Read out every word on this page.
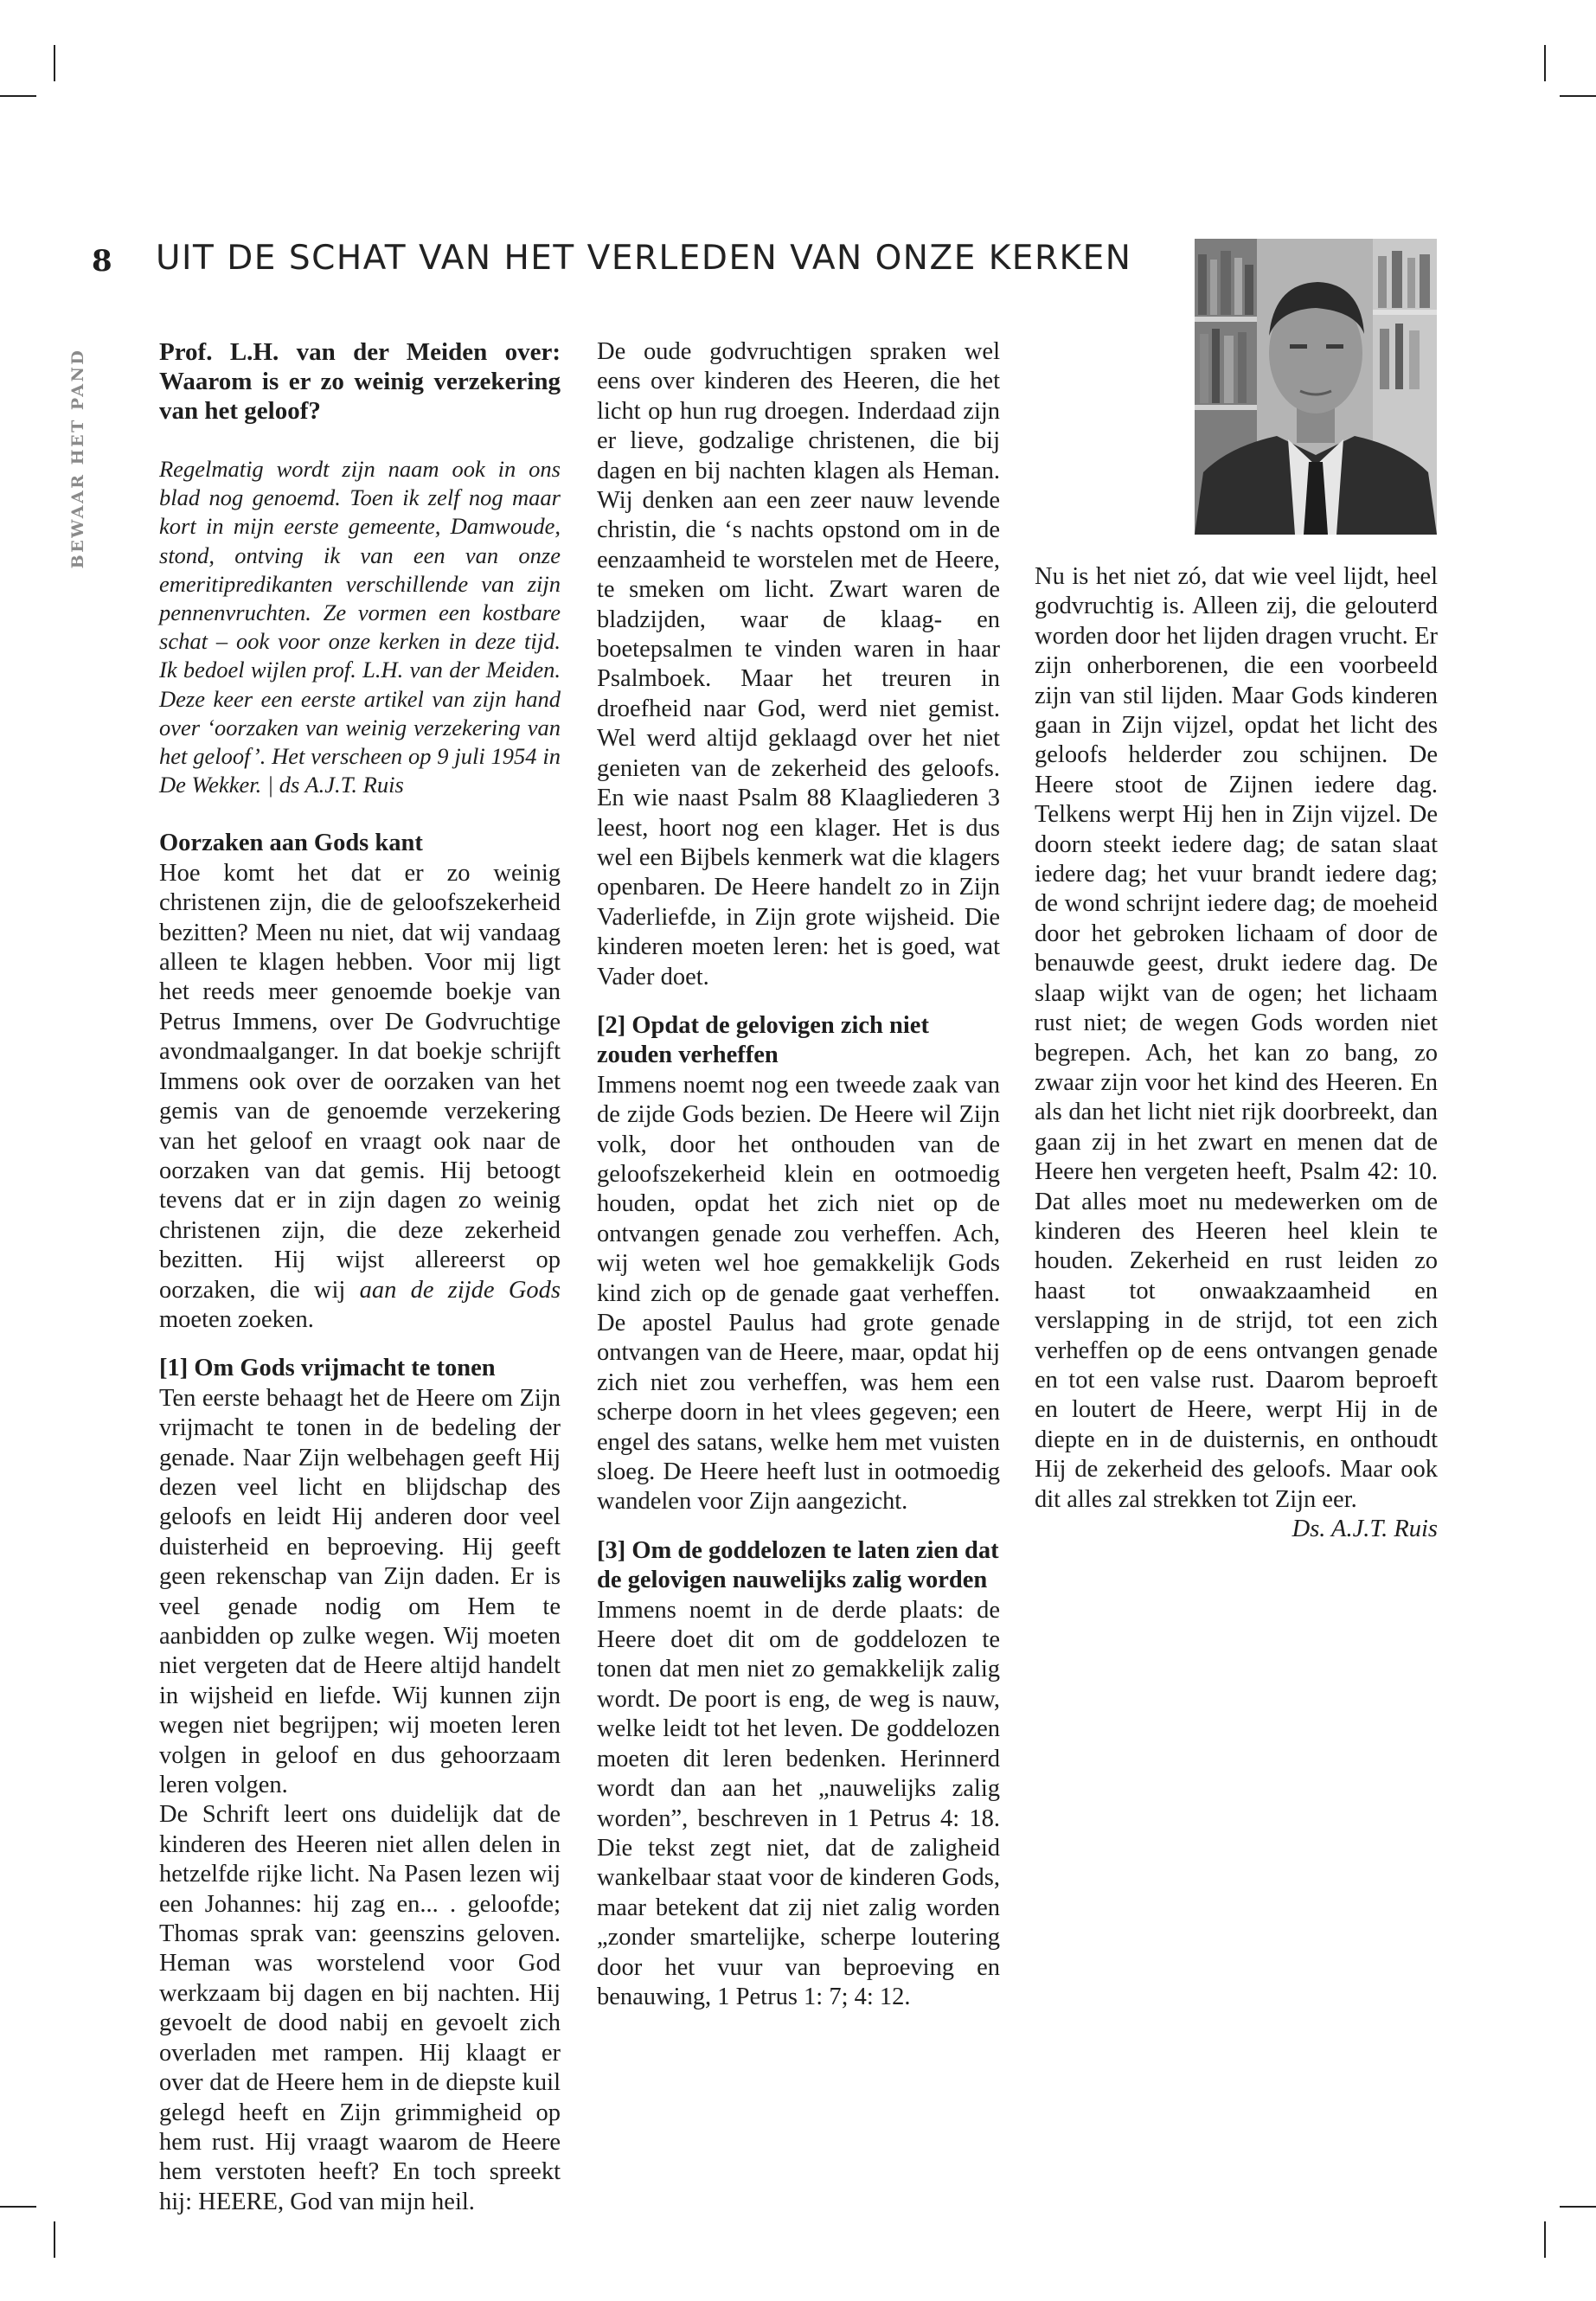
8 UIT DE SCHAT VAN HET VERLEDEN VAN ONZE KERKEN
BEWAAR HET PAND	Prof. L.H. van der Meiden over: Waarom is er zo weinig verzekering van het geloof?

Regelmatig wordt zijn naam ook in ons blad nog genoemd. Toen ik zelf nog maar kort in mijn eerste gemeente, Damwoude, stond, ontving ik van een van onze emeritipredikanten verschillende van zijn pennenvruchten. Ze vormen een kostbare schat – ook voor onze kerken in deze tijd. Ik bedoel wijlen prof. L.H. van der Meiden. Deze keer een eerste artikel van zijn hand over ‘oorzaken van weinig verzekering van het geloof’. Het verscheen op 9 juli 1954 in De Wekker. | ds A.J.T. Ruis

Oorzaken aan Gods kant

Hoe komt het dat er zo weinig christenen zijn, die de geloofszekerheid bezitten? Meen nu niet, dat wij vandaag alleen te klagen hebben. Voor mij ligt het reeds meer genoemde boekje van Petrus Immens, over De Godvruchtige avondmaalganger. In dat boekje schrijft Immens ook over de oorzaken van het gemis van de genoemde verzekering van het geloof en vraagt ook naar de oorzaken van dat gemis. Hij betoogt tevens dat er in zijn dagen zo weinig christenen zijn, die deze zekerheid bezitten. Hij wijst allereerst op oorzaken, die wij aan de zijde Gods moeten zoeken.

[1] Om Gods vrijmacht te tonen

Ten eerste behaagt het de Heere om Zijn vrijmacht te tonen in de bedeling der genade. Naar Zijn welbehagen geeft Hij dezen veel licht en blijdschap des geloofs en leidt Hij anderen door veel duisterheid en beproeving. Hij geeft geen rekenschap van Zijn daden. Er is veel genade nodig om Hem te aanbidden op zulke wegen. Wij moeten niet vergeten dat de Heere altijd handelt in wijsheid en liefde. Wij kunnen zijn wegen niet begrijpen; wij moeten leren volgen in geloof en dus gehoorzaam leren volgen.

De Schrift leert ons duidelijk dat de kinderen des Heeren niet allen delen in hetzelfde rijke licht. Na Pasen lezen wij een Johannes: hij zag en... . geloofde; Thomas sprak van: geenszins geloven. Heman was worstelend voor God werkzaam bij dagen en bij nachten. Hij gevoelt de dood nabij en gevoelt zich overladen met rampen. Hij klaagt er over dat de Heere hem in de diepste kuil gelegd heeft en Zijn grimmigheid op hem rust. Hij vraagt waarom de Heere hem verstoten heeft? En toch spreekt hij: HEERE, God van mijn heil.

De oude godvruchtigen spraken wel eens over kinderen des Heeren, die het licht op hun rug droegen. Inderdaad zijn er lieve, godzalige christenen, die bij dagen en bij nachten klagen als Heman. Wij denken aan een zeer nauw levende christin, die ‘s nachts opstond om in de eenzaamheid te worstelen met de Heere, te smeken om licht. Zwart waren de bladzijden, waar de klaag- en boetepsalmen te vinden waren in haar Psalmboek. Maar het treuren in droefheid naar God, werd niet gemist. Wel werd altijd geklaagd over het niet genieten van de zekerheid des geloofs. En wie naast Psalm 88 Klaagliederen 3 leest, hoort nog een klager. Het is dus wel een Bijbels kenmerk wat die klagers openbaren. De Heere handelt zo in Zijn Vaderliefde, in Zijn grote wijsheid. Die kinderen moeten leren: het is goed, wat Vader doet.

[2] Opdat de gelovigen zich niet zouden verheffen

Immens noemt nog een tweede zaak van de zijde Gods bezien. De Heere wil Zijn volk, door het onthouden van de geloofszekerheid klein en ootmoedig houden, opdat het zich niet op de ontvangen genade zou verheffen. Ach, wij weten wel hoe gemakkelijk Gods kind zich op de genade gaat verheffen. De apostel Paulus had grote genade ontvangen van de Heere, maar, opdat hij zich niet zou verheffen, was hem een scherpe doorn in het vlees gegeven; een engel des satans, welke hem met vuisten sloeg. De Heere heeft lust in ootmoedig wandelen voor Zijn aangezicht.

[3] Om de goddelozen te laten zien dat de gelovigen nauwelijks zalig worden

Immens noemt in de derde plaats: de Heere doet dit om de goddelozen te tonen dat men niet zo gemakkelijk zalig wordt. De poort is eng, de weg is nauw, welke leidt tot het leven. De goddelozen moeten dit leren bedenken. Herinnerd wordt dan aan het „nauwelijks zalig worden”, beschreven in 1 Petrus 4: 18. Die tekst zegt niet, dat de zaligheid wankelbaar staat voor de kinderen Gods, maar betekent dat zij niet zalig worden „zonder smartelijke, scherpe loutering door het vuur van beproeving en benauwing, 1 Petrus 1: 7; 4: 12.

Nu is het niet zó, dat wie veel lijdt, heel godvruchtig is. Alleen zij, die gelouterd worden door het lijden dragen vrucht. Er zijn onherborenen, die een voorbeeld zijn van stil lijden. Maar Gods kinderen gaan in Zijn vijzel, opdat het licht des geloofs helderder zou schijnen. De Heere stoot de Zijnen iedere dag. Telkens werpt Hij hen in Zijn vijzel. De doorn steekt iedere dag; de satan slaat iedere dag; het vuur brandt iedere dag; de wond schrijnt iedere dag; de moeheid door het gebroken lichaam of door de benauwde geest, drukt iedere dag. De slaap wijkt van de ogen; het lichaam rust niet; de wegen Gods worden niet begrepen. Ach, het kan zo bang, zo zwaar zijn voor het kind des Heeren. En als dan het licht niet rijk doorbreekt, dan gaan zij in het zwart en menen dat de Heere hen vergeten heeft, Psalm 42: 10. Dat alles moet nu medewerken om de kinderen des Heeren heel klein te houden. Zekerheid en rust leiden zo haast tot onwaakzaamheid en verslapping in de strijd, tot een zich verheffen op de eens ontvangen genade en tot een valse rust. Daarom beproeft en loutert de Heere, werpt Hij in de diepte en in de duisternis, en onthoudt Hij de zekerheid des geloofs. Maar ook dit alles zal strekken tot Zijn eer.

Ds. A.J.T. Ruis
